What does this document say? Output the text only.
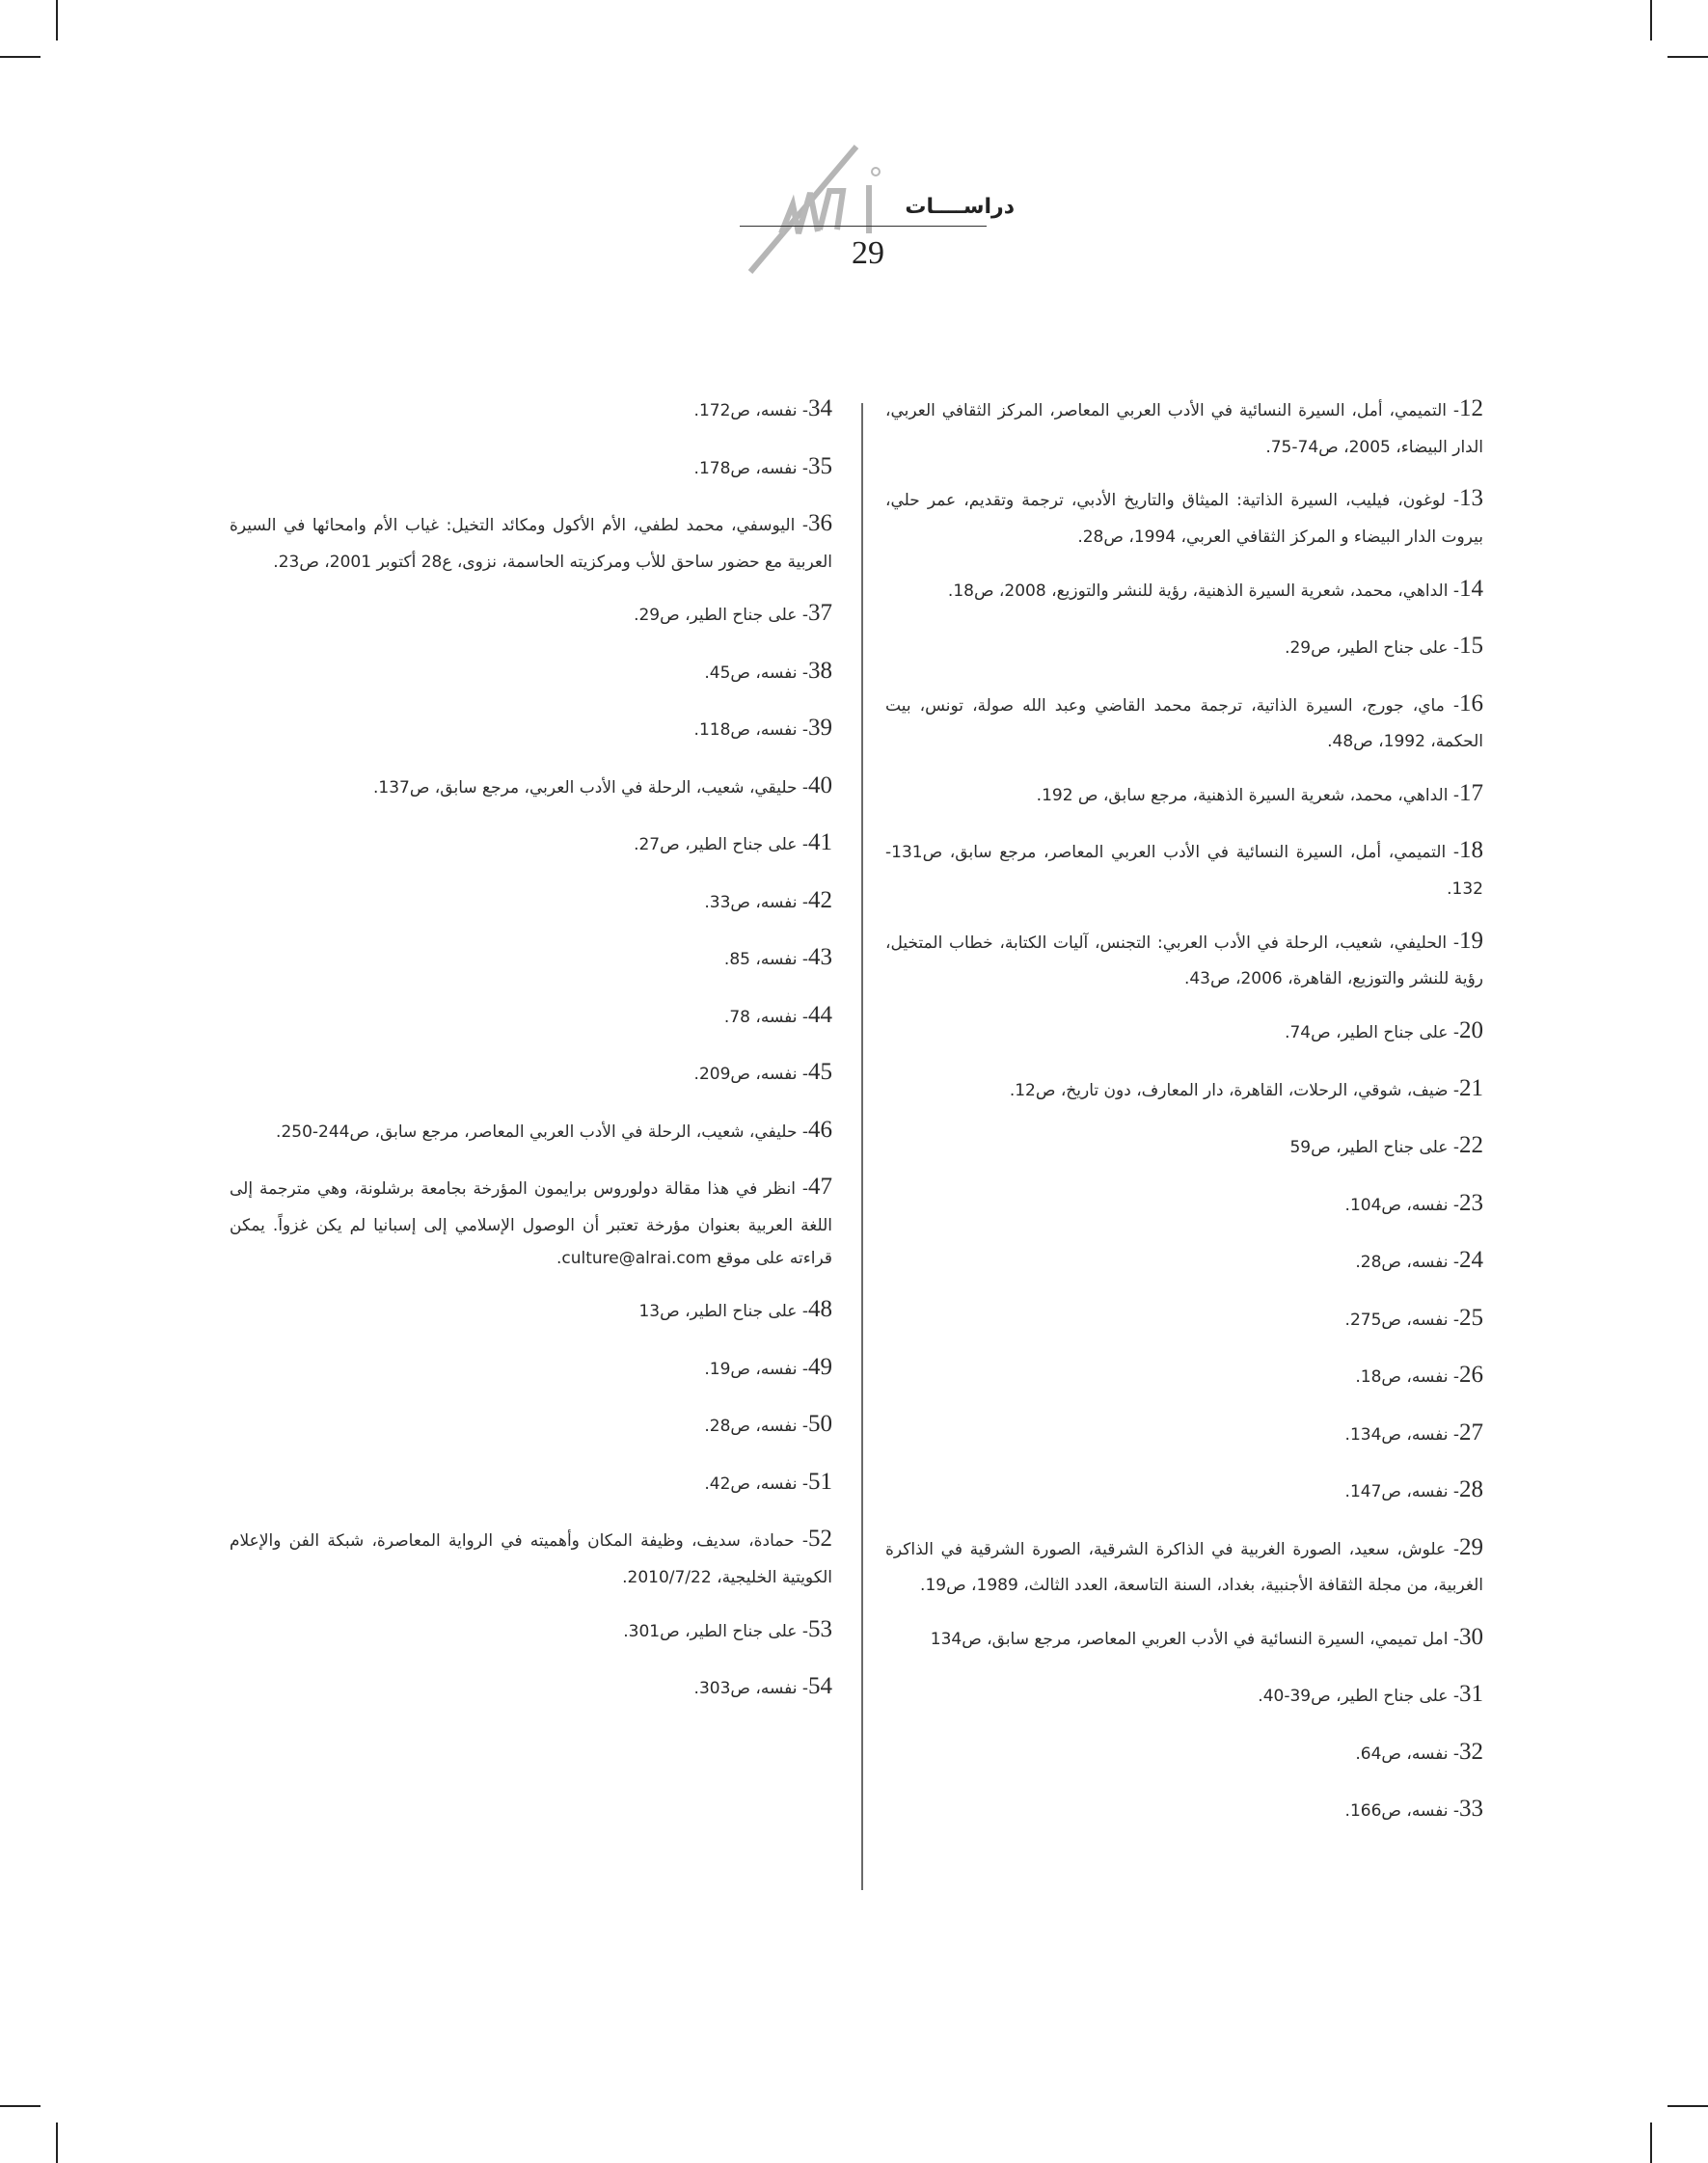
دراســــات
29

12- التميمي، أمل، السيرة النسائية في الأدب العربي المعاصر، المركز الثقافي العربي، الدار البيضاء، 2005، ص74-75.

13- لوغون، فيليب، السيرة الذاتية: الميثاق والتاريخ الأدبي، ترجمة وتقديم، عمر حلي، بيروت الدار البيضاء و المركز الثقافي العربي، 1994، ص28.

14- الداهي، محمد، شعرية السيرة الذهنية، رؤية للنشر والتوزيع، 2008، ص18.

15- على جناح الطير، ص29.

16- ماي، جورج، السيرة الذاتية، ترجمة محمد القاضي وعبد الله صولة، تونس، بيت الحكمة، 1992، ص48.

17- الداهي، محمد، شعرية السيرة الذهنية، مرجع سابق، ص 192.

18- التميمي، أمل، السيرة النسائية في الأدب العربي المعاصر، مرجع سابق، ص131-132.

19- الحليفي، شعيب، الرحلة في الأدب العربي: التجنس، آليات الكتابة، خطاب المتخيل، رؤية للنشر والتوزيع، القاهرة، 2006، ص43.

20- على جناح الطير، ص74.

21- ضيف، شوقي، الرحلات، القاهرة، دار المعارف، دون تاريخ، ص12.

22- على جناح الطير، ص59

23- نفسه، ص104.

24- نفسه، ص28.

25- نفسه، ص275.

26- نفسه، ص18.

27- نفسه، ص134.

28- نفسه، ص147.

29- علوش، سعيد، الصورة الغربية في الذاكرة الشرقية، الصورة الشرقية في الذاكرة الغربية، من مجلة الثقافة الأجنبية، بغداد، السنة التاسعة، العدد الثالث، 1989، ص19.

30- امل تميمي، السيرة النسائية في الأدب العربي المعاصر، مرجع سابق، ص134

31- على جناح الطير، ص39-40.

32- نفسه، ص64.

33- نفسه، ص166.

34- نفسه، ص172.

35- نفسه، ص178.

36- اليوسفي، محمد لطفي، الأم الأكول ومكائد التخيل: غياب الأم وامحائها في السيرة العربية مع حضور ساحق للأب ومركزيته الحاسمة، نزوى، ع28 أكتوبر 2001، ص23.

37- على جناح الطير، ص29.

38- نفسه، ص45.

39- نفسه، ص118.

40- حليقي، شعيب، الرحلة في الأدب العربي، مرجع سابق، ص137.

41- على جناح الطير، ص27.

42- نفسه، ص33.

43- نفسه، 85.

44- نفسه، 78.

45- نفسه، ص209.

46- حليفي، شعيب، الرحلة في الأدب العربي المعاصر، مرجع سابق، ص244-250.

47- انظر في هذا مقالة دولوروس برايمون المؤرخة بجامعة برشلونة، وهي مترجمة إلى اللغة العربية بعنوان مؤرخة تعتبر أن الوصول الإسلامي إلى إسبانيا لم يكن غزواً. يمكن قراءته على موقع culture@alrai.com.

48- على جناح الطير، ص13

49- نفسه، ص19.

50- نفسه، ص28.

51- نفسه، ص42.

52- حمادة، سديف، وظيفة المكان وأهميته في الرواية المعاصرة، شبكة الفن والإعلام الكويتية الخليجية، 2010/7/22.

53- على جناح الطير، ص301.

54- نفسه، ص303.
